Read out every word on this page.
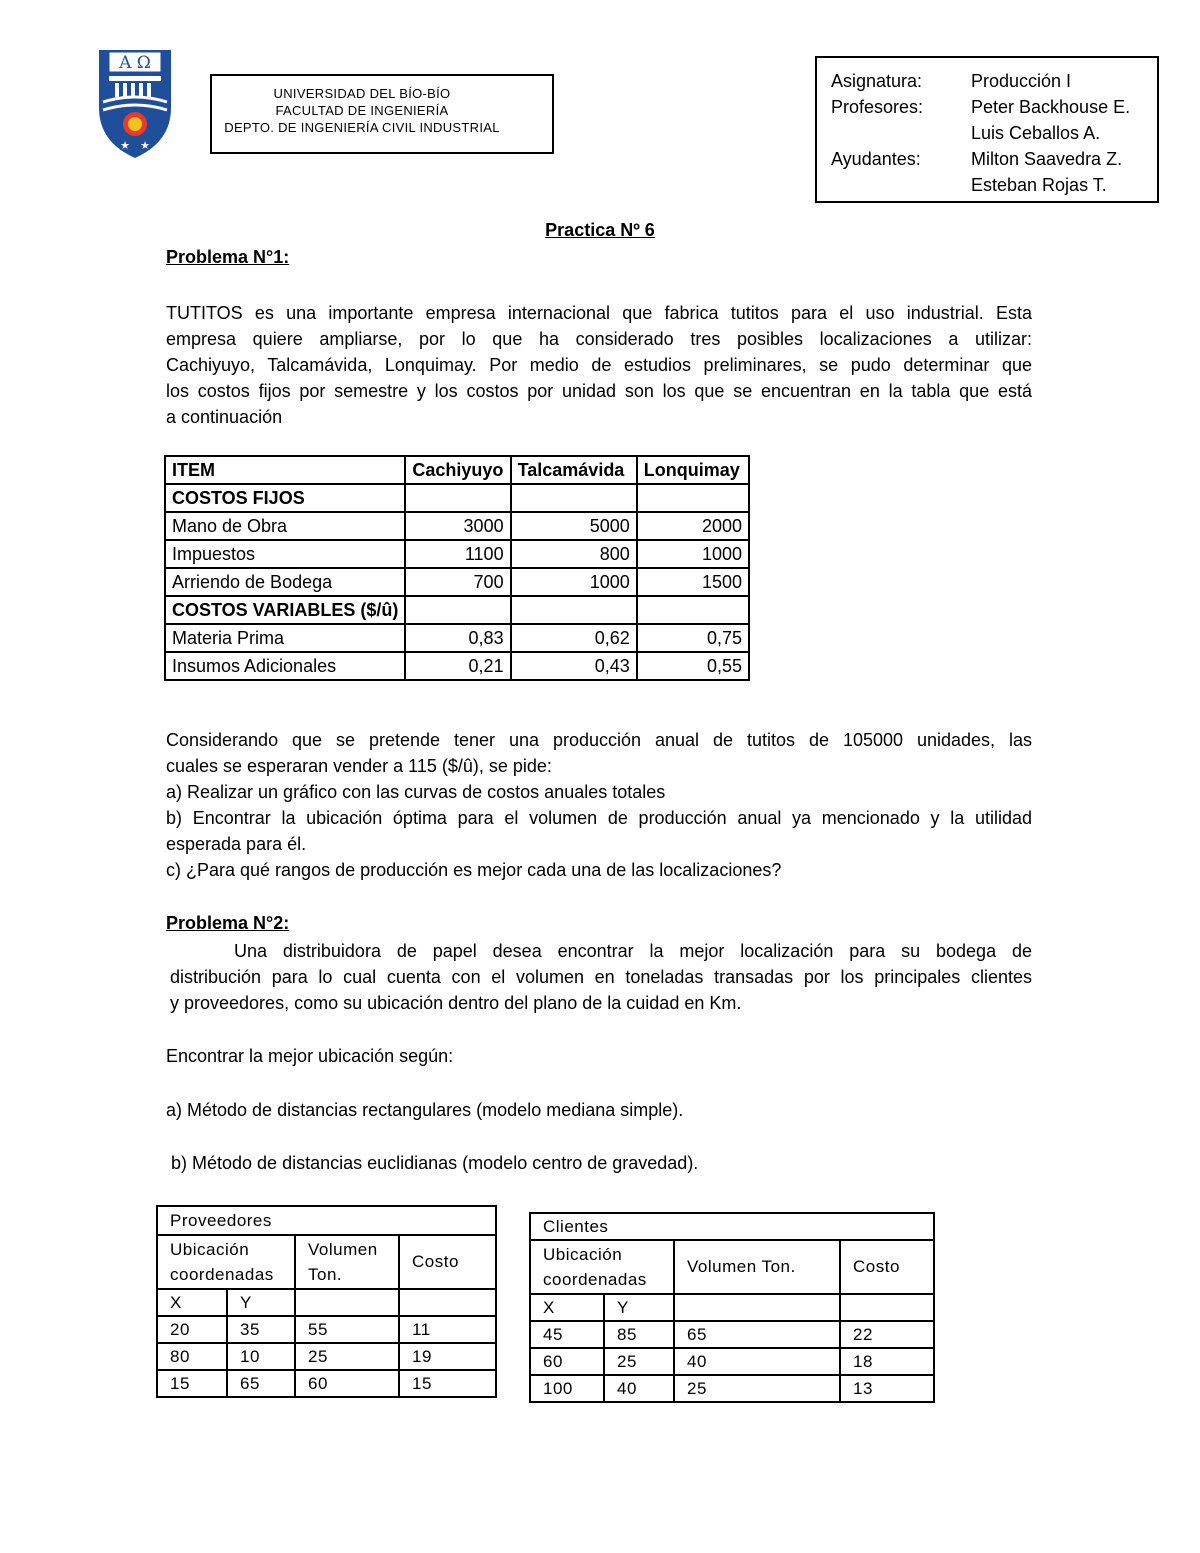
A Ω
★ ★
UNIVERSIDAD DEL BÍO-BÍO
FACULTAD DE INGENIERÍA
DEPTO. DE INGENIERÍA CIVIL INDUSTRIAL
Asignatura:	Producción I
Profesores:	Peter Backhouse E.
Luis Ceballos A.
Ayudantes:	Milton Saavedra Z.
Esteban Rojas T.
Practica Nº 6
Problema N°1:
TUTITOS es una importante empresa internacional que fabrica tutitos para el uso industrial. Esta
empresa quiere ampliarse, por lo que ha considerado tres posibles localizaciones a utilizar:
Cachiyuyo, Talcamávida, Lonquimay. Por medio de estudios preliminares, se pudo determinar que
los costos fijos por semestre y los costos por unidad son los que se encuentran en la tabla que está
a continuación
ITEM	Cachiyuyo	Talcamávida	Lonquimay
COSTOS FIJOS			
Mano de Obra	3000	5000	2000
Impuestos	1100	800	1000
Arriendo de Bodega	700	1000	1500
COSTOS VARIABLES ($/û)			
Materia Prima	0,83	0,62	0,75
Insumos Adicionales	0,21	0,43	0,55
Considerando que se pretende tener una producción anual de tutitos de 105000 unidades, las
cuales se esperaran vender a 115 ($/û), se pide:
a) Realizar un gráfico con las curvas de costos anuales totales
b) Encontrar la ubicación óptima para el volumen de producción anual ya mencionado y la utilidad
esperada para él.
c) ¿Para qué rangos de producción es mejor cada una de las localizaciones?
Problema N°2:
Una distribuidora de papel desea encontrar la mejor localización para su bodega de
distribución para lo cual cuenta con el volumen en toneladas transadas por los principales clientes
y proveedores, como su ubicación dentro del plano de la cuidad en Km.
Encontrar la mejor ubicación según:
a) Método de distancias rectangulares (modelo mediana simple).
b) Método de distancias euclidianas (modelo centro de gravedad).
Proveedores			
Ubicación coordenadas		Volumen Ton.	Costo
X	Y		
20	35	55	11
80	10	25	19
15	65	60	15
Clientes			
Ubicación coordenadas		Volumen Ton.	Costo
X	Y		
45	85	65	22
60	25	40	18
100	40	25	13
